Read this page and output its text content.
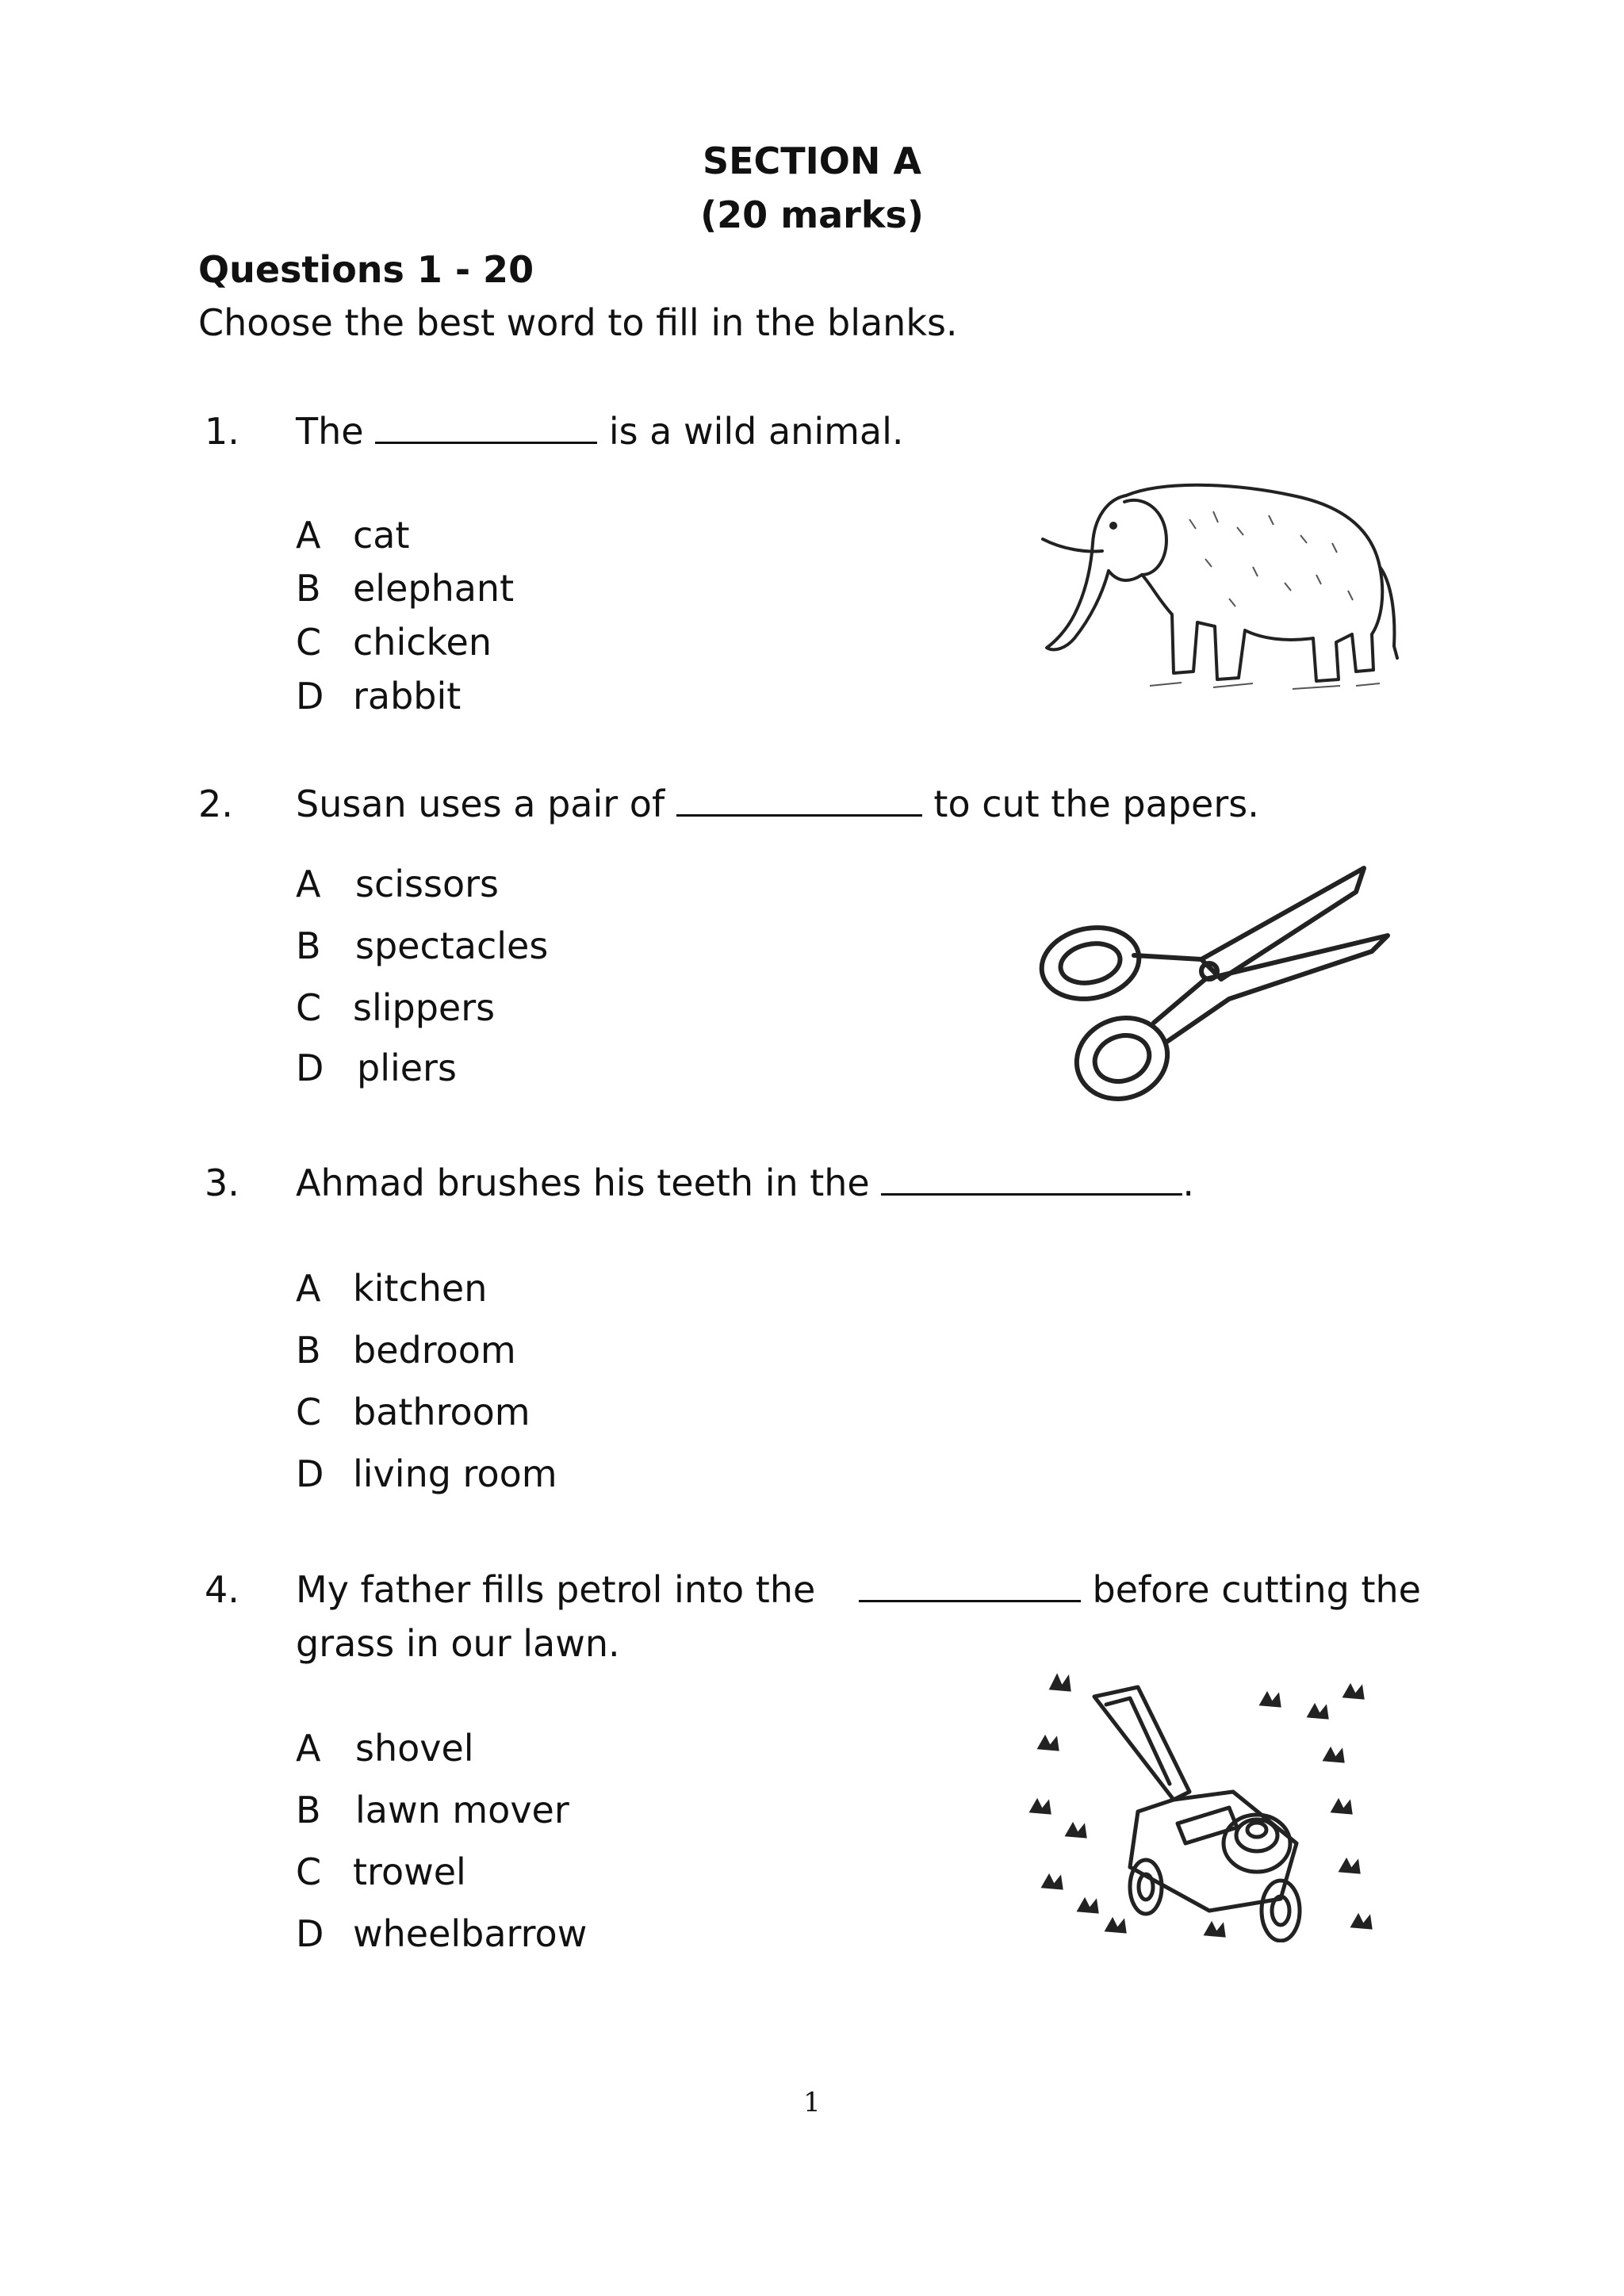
SECTION A
(20 marks)
Questions 1 - 20
Choose the best word to fill in the blanks.
1. The	is a wild animal.
A cat
B elephant
C chicken
D rabbit
2. Susan uses a pair of	to cut the papers.
A scissors
B spectacles
C slippers
D pliers
3. Ahmad brushes his teeth in the	.
A kitchen
B bedroom
C bathroom
D living room
4. My father fills petrol into the	before cutting the
grass in our lawn.
A shovel
B lawn mover
C trowel
D wheelbarrow
1
